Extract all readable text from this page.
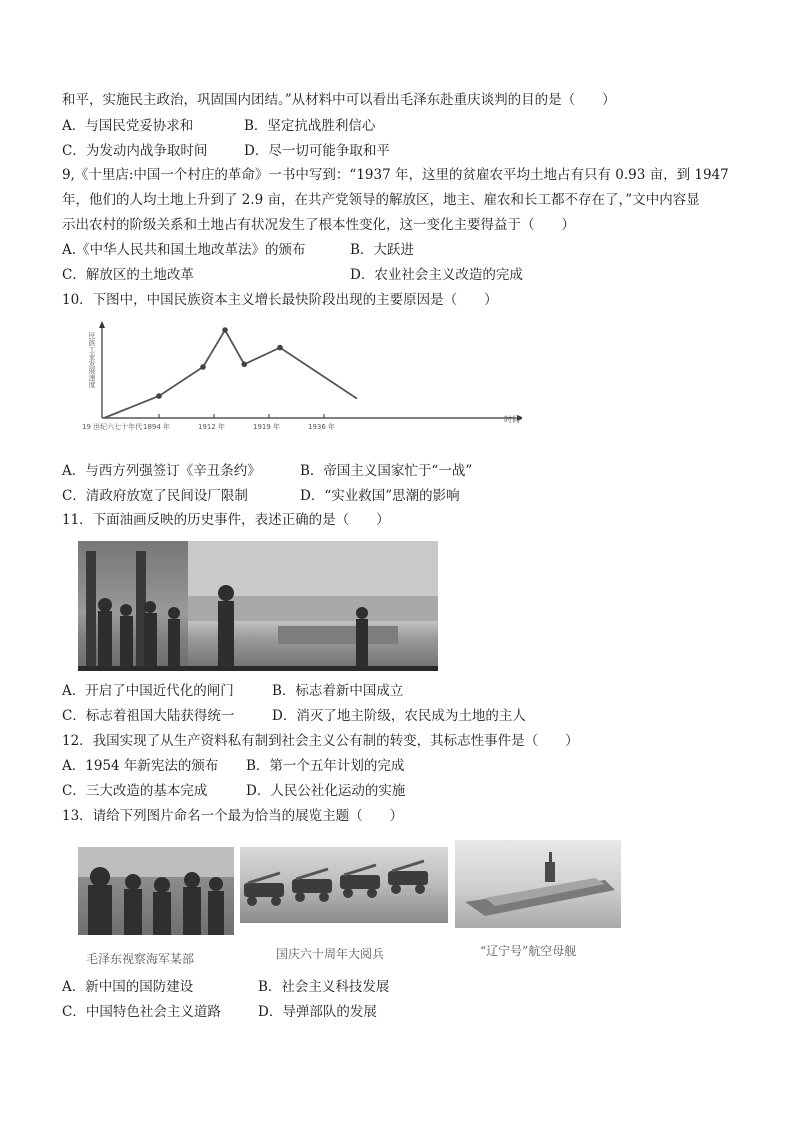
和平，实施民主政治，巩固国内团结。”从材料中可以看出毛泽东赴重庆谈判的目的是（　　）
A．与国民党妥协求和	B．坚定抗战胜利信心
C．为发动内战争取时间	D．尽一切可能争取和平
9,《十里店:中国一个村庄的革命》一书中写到：“1937 年，这里的贫雇农平均土地占有只有 0.93 亩，到 1947
年，他们的人均土地上升到了 2.9 亩，在共产党领导的解放区，地主、雇农和长工都不存在了，”文中内容显
示出农村的阶级关系和土地占有状况发生了根本性变化，这一变化主要得益于（　　）
A.《中华人民共和国土地改革法》的颁布	B．大跃进
C．解放区的土地改革	D．农业社会主义改造的完成
10．下图中，中国民族资本主义增长最快阶段出现的主要原因是（　　）
民族工业发展速度
时间
19 世纪六七十年代 1894 年	1912 年	1919 年	1936 年
A．与西方列强签订《辛丑条约》	B．帝国主义国家忙于“一战”
C．清政府放宽了民间设厂限制	D．“实业救国”思潮的影响
11．下面油画反映的历史事件，表述正确的是（　　）
A．开启了中国近代化的闸门	B．标志着新中国成立
C．标志着祖国大陆获得统一	D．消灭了地主阶级，农民成为土地的主人
12．我国实现了从生产资料私有制到社会主义公有制的转变，其标志性事件是（　　）
A．1954 年新宪法的颁布 B．第一个五年计划的完成
C．三大改造的基本完成	D．人民公社化运动的实施
13．请给下列图片命名一个最为恰当的展览主题（　　）
毛泽东视察海军某部	国庆六十周年大阅兵	“辽宁号”航空母舰
A．新中国的国防建设	B．社会主义科技发展
C．中国特色社会主义道路	D．导弹部队的发展
